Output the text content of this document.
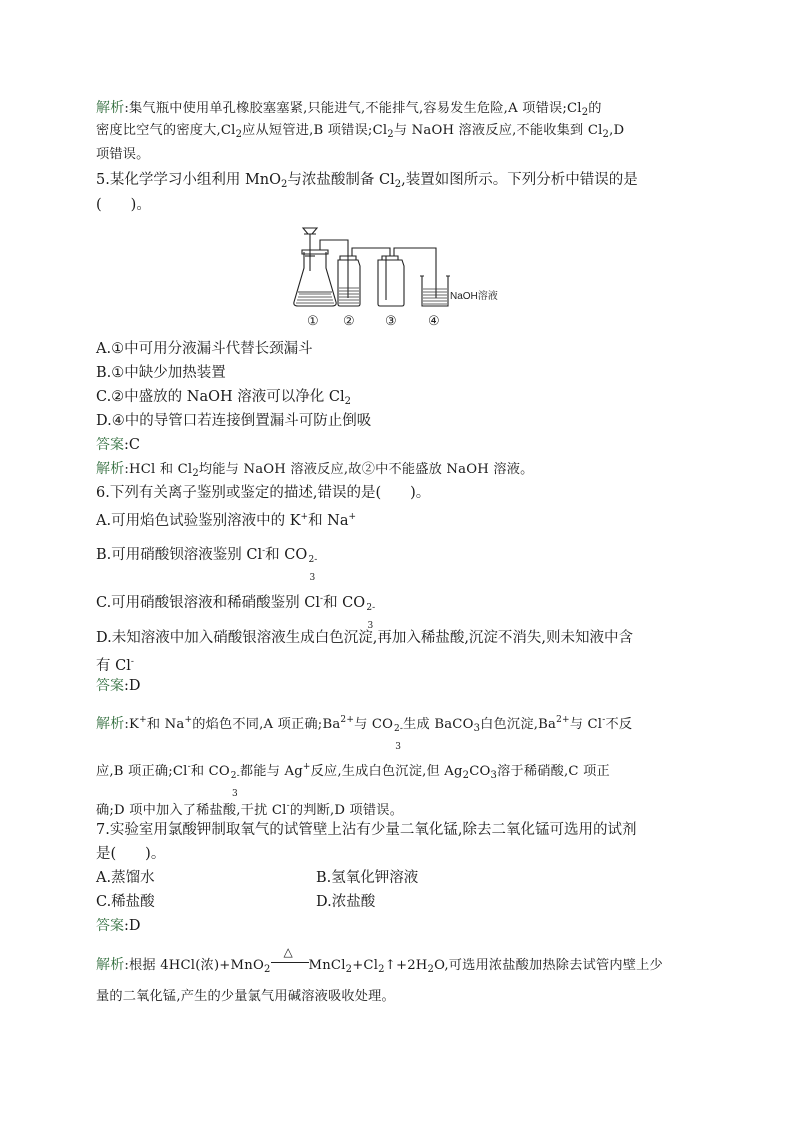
解析:集气瓶中使用单孔橡胶塞塞紧,只能进气,不能排气,容易发生危险,A 项错误$;Cl_2$的
密度比空气的密度大$,Cl_2$应从短管进,B 项错误$;Cl_2$与 NaOH 溶液反应,不能收集到 $Cl_2,D$
项错误。
5.某化学学习小组利用 MnO$_2$与浓盐酸制备 $Cl_2$,装置如图所示。下列分析中错误的是
(　　)。
NaOH溶液
① ② ③ ④
A.①中可用分液漏斗代替长颈漏斗
B.①中缺少加热装置
C.②中盛放的 NaOH 溶液可以净化 $Cl_2$
D.④中的导管口若连接倒置漏斗可防止倒吸
答案:C
解析:HCl 和 $Cl_2$均能与 NaOH 溶液反应,故②中不能盛放 NaOH 溶液。
6.下列有关离子鉴别或鉴定的描述,错误的是(　　)。
A.可用焰色试验鉴别溶液中的 K+和 Na+
B.可用硝酸钡溶液鉴别 Cl-和 CO 2-
3
C.可用硝酸银溶液和稀硝酸鉴别 Cl-和 CO 2-
3
D.未知溶液中加入硝酸银溶液生成白色沉淀,再加入稀盐酸,沉淀不消失,则未知液中含
有 Cl-
答案:D
解析:K+和 Na+的焰色不同,A 项正确$;Ba^{2+}$与 CO 2-
3
生成 BaCO$_3$白色沉淀$,Ba^{2+}$与 Cl-不反
应,B 项正确;Cl-和 CO 2-
3
都能与 Ag+反应,生成白色沉淀,但 $Ag_2CO_3$溶于稀硝酸,C 项正
确;D 项中加入了稀盐酸,干扰 Cl-的判断,D 项错误。
7.实验室用氯酸钾制取氧气的试管壁上沾有少量二氧化锰,除去二氧化锰可选用的试剂
是(　　)。
A.蒸馏水	B.氢氧化钾溶液
C.稀盐酸	D.浓盐酸
答案:D
解析:根据 4HCl(浓)+MnO$_2$
△
$MnCl_2+Cl_2↑+2H_2O$,可选用浓盐酸加热除去试管内壁上少
量的二氧化锰,产生的少量氯气用碱溶液吸收处理。
